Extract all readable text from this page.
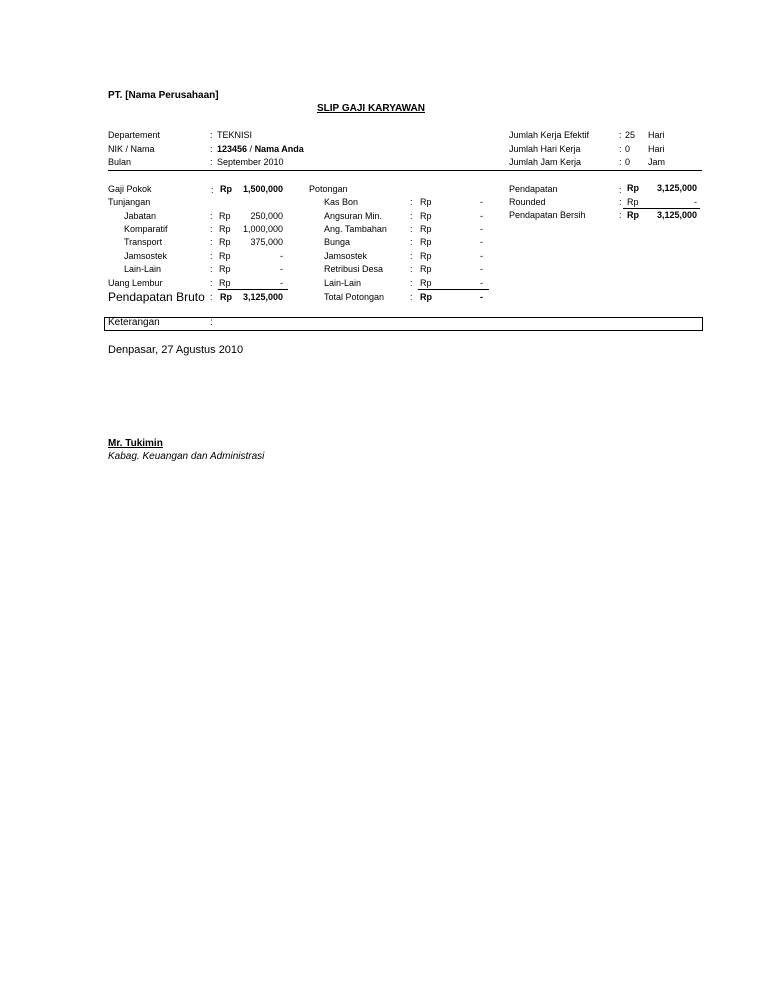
PT. [Nama Perusahaan]
SLIP GAJI KARYAWAN
Departement	: TEKNISI
NIK / Nama	: 123456 / Nama Anda
Bulan	: September 2010
Jumlah Kerja Efektif	: 25 Hari
Jumlah Hari Kerja	: 0 Hari
Jumlah Jam Kerja	: 0 Jam
Gaji Pokok	: Rp 1,500,000
Tunjangan
Jabatan	: Rp	250,000
Komparatif	: Rp	1,000,000
Transport	: Rp	375,000
Jamsostek	: Rp	-
Lain-Lain	: Rp	-
Uang Lembur	: Rp	-
Pendapatan Bruto : Rp 3,125,000
Potongan
Kas Bon	: Rp	-
Angsuran Min.	: Rp	-
Ang. Tambahan	: Rp	-
Bunga	: Rp	-
Jamsostek	: Rp	-
Retribusi Desa	: Rp	-
Lain-Lain	: Rp	-
Total Potongan	: Rp	-
Pendapatan	: Rp	3,125,000
Rounded	: Rp	-
Pendapatan Bersih	: Rp	3,125,000
Keterangan	:
Denpasar, 27 Agustus 2010
Mr. Tukimin
Kabag. Keuangan dan Administrasi
